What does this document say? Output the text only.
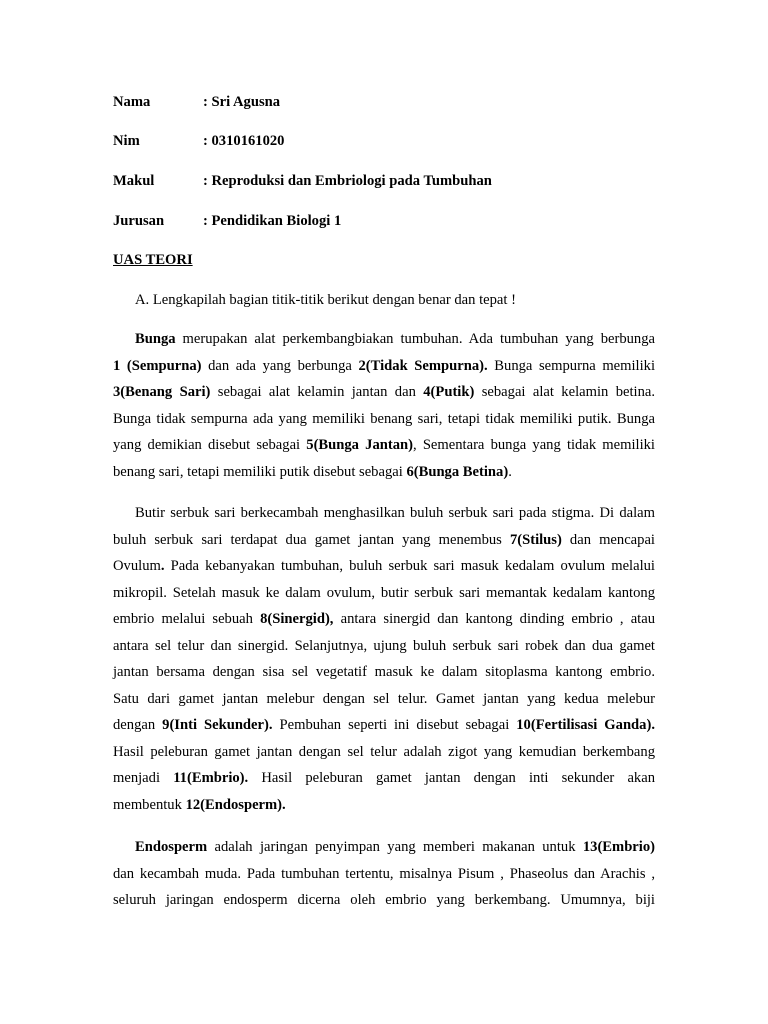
Nama	: Sri Agusna
Nim	: 0310161020
Makul	: Reproduksi dan Embriologi pada Tumbuhan
Jurusan	: Pendidikan Biologi 1
UAS TEORI
A. Lengkapilah bagian titik-titik berikut dengan benar dan tepat !
Bunga merupakan alat perkembangbiakan tumbuhan. Ada tumbuhan yang berbunga
1 (Sempurna) dan ada yang berbunga 2(Tidak Sempurna). Bunga sempurna memiliki
3(Benang Sari) sebagai alat kelamin jantan dan 4(Putik) sebagai alat kelamin betina.
Bunga tidak sempurna ada yang memiliki benang sari, tetapi tidak memiliki putik. Bunga
yang demikian disebut sebagai 5(Bunga Jantan), Sementara bunga yang tidak memiliki
benang sari, tetapi memiliki putik disebut sebagai 6(Bunga Betina).
Butir serbuk sari berkecambah menghasilkan buluh serbuk sari pada stigma. Di dalam
buluh serbuk sari terdapat dua gamet jantan yang menembus 7(Stilus) dan mencapai
Ovulum. Pada kebanyakan tumbuhan, buluh serbuk sari masuk kedalam ovulum melalui
mikropil. Setelah masuk ke dalam ovulum, butir serbuk sari memantak kedalam kantong
embrio melalui sebuah 8(Sinergid), antara sinergid dan kantong dinding embrio , atau
antara sel telur dan sinergid. Selanjutnya, ujung buluh serbuk sari robek dan dua gamet
jantan bersama dengan sisa sel vegetatif masuk ke dalam sitoplasma kantong embrio.
Satu dari gamet jantan melebur dengan sel telur. Gamet jantan yang kedua melebur
dengan 9(Inti Sekunder). Pembuhan seperti ini disebut sebagai 10(Fertilisasi Ganda).
Hasil peleburan gamet jantan dengan sel telur adalah zigot yang kemudian berkembang
menjadi 11(Embrio). Hasil peleburan gamet jantan dengan inti sekunder akan
membentuk 12(Endosperm).
Endosperm adalah jaringan penyimpan yang memberi makanan untuk 13(Embrio)
dan kecambah muda. Pada tumbuhan tertentu, misalnya Pisum , Phaseolus dan Arachis ,
seluruh jaringan endosperm dicerna oleh embrio yang berkembang. Umumnya, biji
